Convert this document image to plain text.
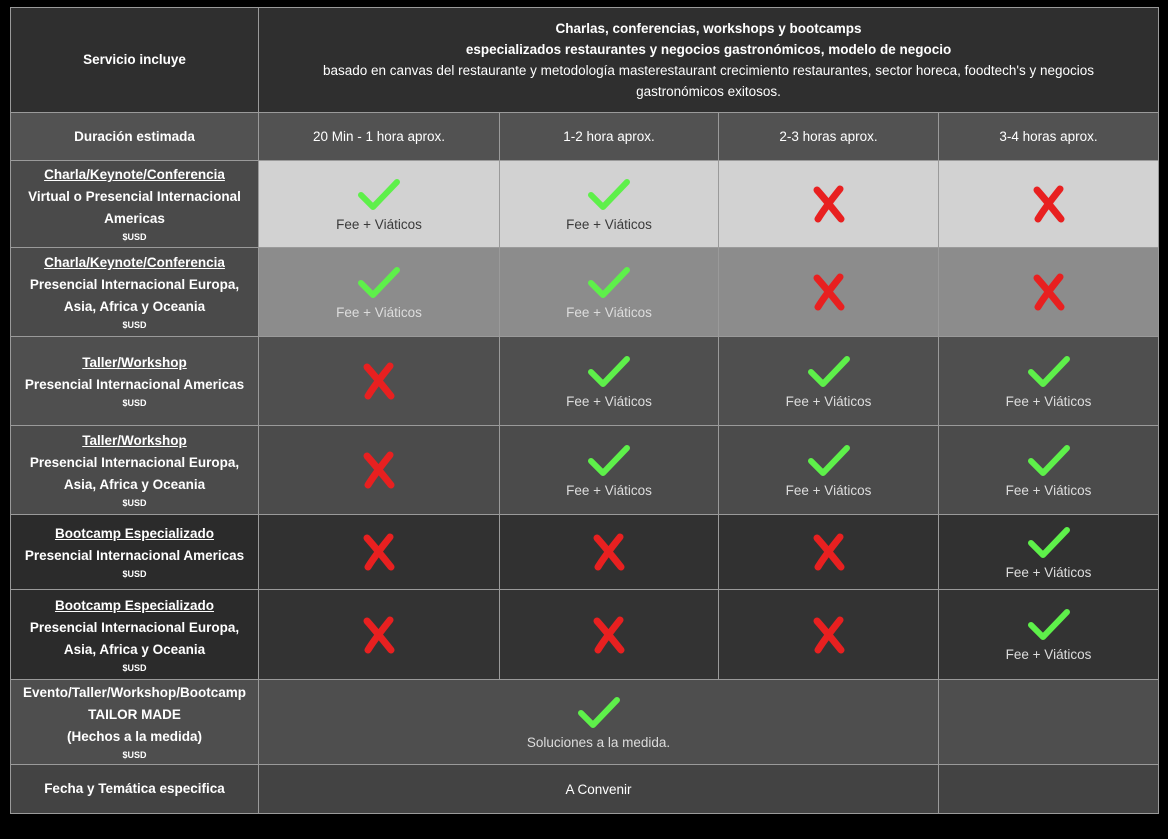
Servicio incluye	Charlas, conferencias, workshops y bootcamps
especializados restaurantes y negocios gastronómicos, modelo de negocio
basado en canvas del restaurante y metodología masterestaurant crecimiento restaurantes, sector horeca, foodtech's y negocios
gastronómicos exitosos.			

Duración estimada	20 Min - 1 hora aprox.	1-2 hora aprox.	2-3 horas aprox.	3-4 horas aprox.

Charla/Keynote/Conferencia
Virtual o Presencial Internacional
Americas
$USD	Fee + Viáticos	Fee + Viáticos

Charla/Keynote/Conferencia
Presencial Internacional Europa,
Asia, Africa y Oceania
$USD	Fee + Viáticos	Fee + Viáticos

Taller/Workshop
Presencial Internacional Americas
$USD		Fee + Viáticos	Fee + Viáticos	Fee + Viáticos

Taller/Workshop
Presencial Internacional Europa,
Asia, Africa y Oceania
$USD		Fee + Viáticos	Fee + Viáticos	Fee + Viáticos

Bootcamp Especializado
Presencial Internacional Americas
$USD				Fee + Viáticos

Bootcamp Especializado
Presencial Internacional Europa,
Asia, Africa y Oceania
$USD				Fee + Viáticos

Evento/Taller/Workshop/Bootcamp
TAILOR MADE
(Hechos a la medida)
$USD	Soluciones a la medida.			

Fecha y Temática especifica	A Convenir			
